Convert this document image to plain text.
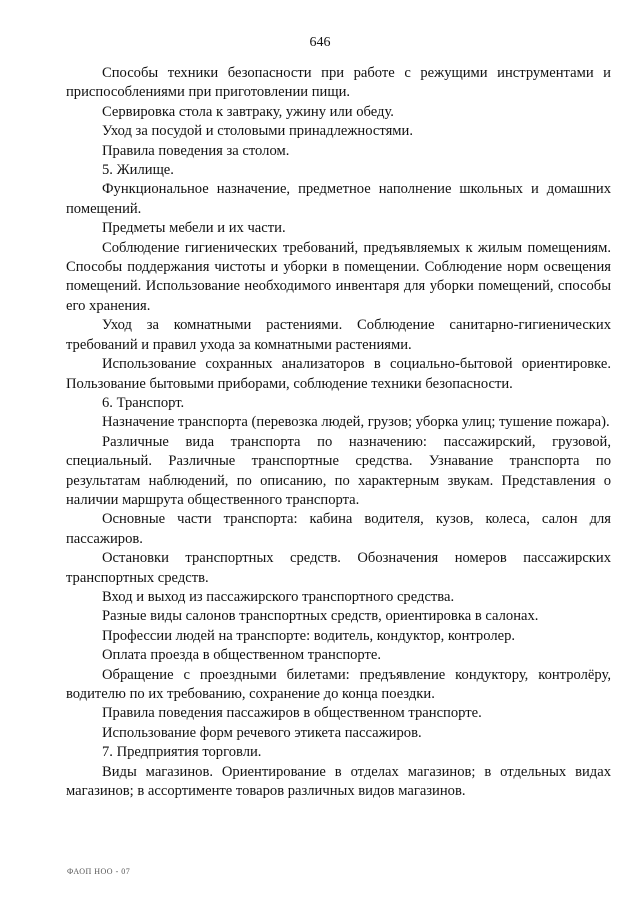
646

Способы техники безопасности при работе с режущими инструментами и приспособлениями при приготовлении пищи.

Сервировка стола к завтраку, ужину или обеду.

Уход за посудой и столовыми принадлежностями.

Правила поведения за столом.

5. Жилище.

Функциональное назначение, предметное наполнение школьных и домашних помещений.

Предметы мебели и их части.

Соблюдение гигиенических требований, предъявляемых к жилым помещениям. Способы поддержания чистоты и уборки в помещении. Соблюдение норм освещения помещений. Использование необходимого инвентаря для уборки помещений, способы его хранения.

Уход за комнатными растениями. Соблюдение санитарно-гигиенических требований и правил ухода за комнатными растениями.

Использование сохранных анализаторов в социально-бытовой ориентировке. Пользование бытовыми приборами, соблюдение техники безопасности.

6. Транспорт.

Назначение транспорта (перевозка людей, грузов; уборка улиц; тушение пожара).

Различные вида транспорта по назначению: пассажирский, грузовой, специальный. Различные транспортные средства. Узнавание транспорта по результатам наблюдений, по описанию, по характерным звукам. Представления о наличии маршрута общественного транспорта.

Основные части транспорта: кабина водителя, кузов, колеса, салон для пассажиров.

Остановки транспортных средств. Обозначения номеров пассажирских транспортных средств.

Вход и выход из пассажирского транспортного средства.

Разные виды салонов транспортных средств, ориентировка в салонах.

Профессии людей на транспорте: водитель, кондуктор, контролер.

Оплата проезда в общественном транспорте.

Обращение с проездными билетами: предъявление кондуктору, контролёру, водителю по их требованию, сохранение до конца поездки.

Правила поведения пассажиров в общественном транспорте.

Использование форм речевого этикета пассажиров.

7. Предприятия торговли.

Виды магазинов. Ориентирование в отделах магазинов; в отдельных видах магазинов; в ассортименте товаров различных видов магазинов.

ФАОП НОО - 07
